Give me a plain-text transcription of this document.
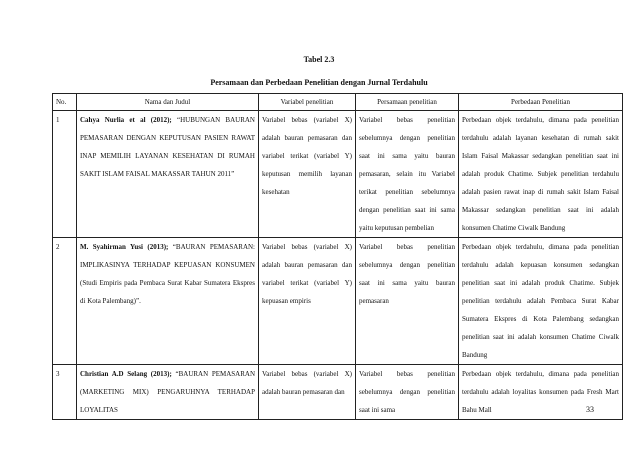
Tabel 2.3
Persamaan dan Perbedaan Penelitian dengan Jurnal Terdahulu
No.	Nama dan Judul	Variabel penelitian	Persamaan penelitian	Perbedaan Penelitian
1	Cahya Nurlia et al (2012); “HUBUNGAN BAURAN PEMASARAN DENGAN KEPUTUSAN PASIEN RAWAT INAP MEMILIH LAYANAN KESEHATAN DI RUMAH SAKIT ISLAM FAISAL MAKASSAR TAHUN 2011”	Variabel bebas (variabel X) adalah bauran pemasaran dan variabel terikat (variabel Y) keputusan memilih layanan kesehatan	Variabel bebas penelitian sebelumnya dengan penelitian saat ini sama yaitu bauran pemasaran, selain itu Variabel terikat penelitian sebelumnya dengan penelitian saat ini sama yaitu keputusan pembelian	Perbedaan objek terdahulu, dimana pada penelitian terdahulu adalah layanan kesehatan di rumah sakit Islam Faisal Makassar sedangkan penelitian saat ini adalah produk Chatime. Subjek penelitian terdahulu adalah pasien rawat inap di rumah sakit Islam Faisal Makassar sedangkan penelitian saat ini adalah konsumen Chatime Ciwalk Bandung
2	M. Syahirman Yusi (2013); “BAURAN PEMASARAN: IMPLIKASINYA TERHADAP KEPUASAN KONSUMEN (Studi Empiris pada Pembaca Surat Kabar Sumatera Ekspres di Kota Palembang)”.	Variabel bebas (variabel X) adalah bauran pemasaran dan variabel terikat (variabel Y) kepuasan empiris	Variabel bebas penelitian sebelumnya dengan penelitian saat ini sama yaitu bauran pemasaran	Perbedaan objek terdahulu, dimana pada penelitian terdahulu adalah kepuasan konsumen sedangkan penelitian saat ini adalah produk Chatime. Subjek penelitian terdahulu adalah Pembaca Surat Kabar Sumatera Ekspres di Kota Palembang sedangkan penelitian saat ini adalah konsumen Chatime Ciwalk Bandung
3	Christian A.D Selang (2013); “BAURAN PEMASARAN (MARKETING MIX) PENGARUHNYA TERHADAP LOYALITAS	Variabel bebas (variabel X) adalah bauran pemasaran dan	Variabel bebas penelitian sebelumnya dengan penelitian saat ini sama	Perbedaan objek terdahulu, dimana pada penelitian terdahulu adalah loyalitas konsumen pada Fresh Mart Bahu Mall	33
